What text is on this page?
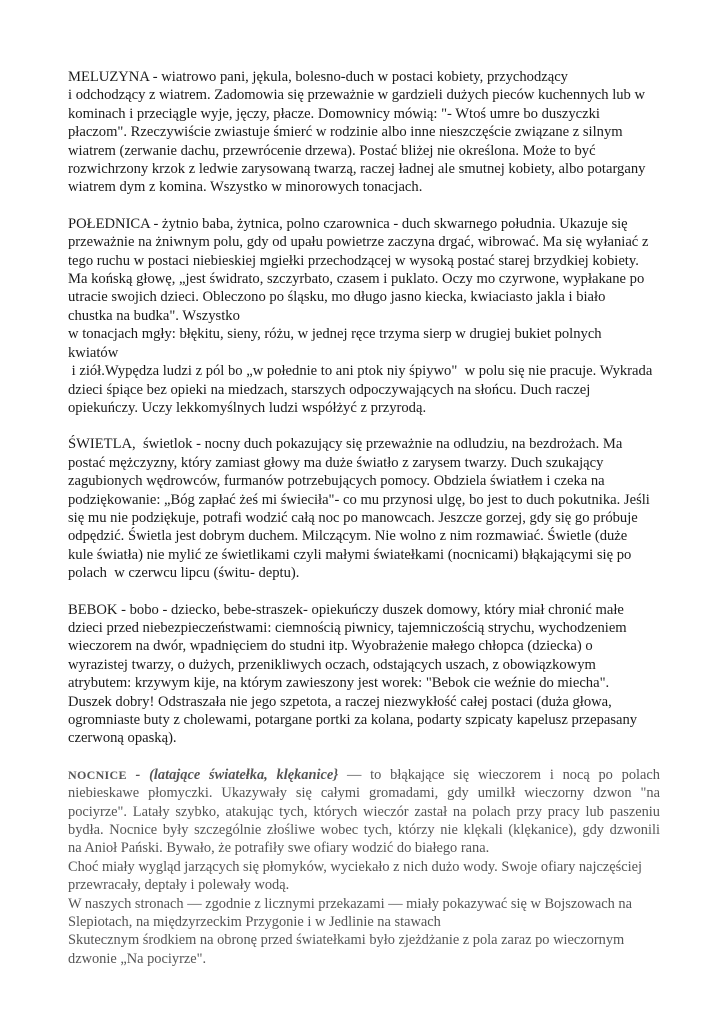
MELUZYNA - wiatrowo pani, jękula, bolesno-duch w postaci kobiety, przychodzący
i odchodzący z wiatrem. Zadomowia się przeważnie w gardzieli dużych pieców kuchennych lub w
kominach i przeciągle wyje, jęczy, płacze. Domownicy mówią: "- Wtoś umre bo duszyczki
płaczom". Rzeczywiście zwiastuje śmierć w rodzinie albo inne nieszczęście związane z silnym
wiatrem (zerwanie dachu, przewrócenie drzewa). Postać bliżej nie określona. Może to być
rozwichrzony krzok z ledwie zarysowaną twarzą, raczej ładnej ale smutnej kobiety, albo potargany
wiatrem dym z komina. Wszystko w minorowych tonacjach.
POŁEDNICA - żytnio baba, żytnica, polno czarownica - duch skwarnego południa. Ukazuje się
przeważnie na żniwnym polu, gdy od upału powietrze zaczyna drgać, wibrować. Ma się wyłaniać z
tego ruchu w postaci niebieskiej mgiełki przechodzącej w wysoką postać starej brzydkiej kobiety.
Ma końską głowę, „jest świdrato, szczyrbato, czasem i puklato. Oczy mo czyrwone, wypłakane po
utracie swojich dzieci. Obleczono po śląsku, mo długo jasno kiecka, kwiaciasto jakla i biało
chustka na budka". Wszystko
w tonacjach mgły: błękitu, sieny, różu, w jednej ręce trzyma sierp w drugiej bukiet polnych
kwiatów
i ziół.Wypędza ludzi z pól bo „w połednie to ani ptok niy śpiywo"  w polu się nie pracuje. Wykrada
dzieci śpiące bez opieki na miedzach, starszych odpoczywających na słońcu. Duch raczej
opiekuńczy. Uczy lekkomyślnych ludzi współżyć z przyrodą.
ŚWIETLA,  świetlok - nocny duch pokazujący się przeważnie na odludziu, na bezdrożach. Ma
postać mężczyzny, który zamiast głowy ma duże światło z zarysem twarzy. Duch szukający
zagubionych wędrowców, furmanów potrzebujących pomocy. Obdziela światłem i czeka na
podziękowanie: „Bóg zapłać żeś mi świeciła"- co mu przynosi ulgę, bo jest to duch pokutnika. Jeśli
się mu nie podziękuje, potrafi wodzić całą noc po manowcach. Jeszcze gorzej, gdy się go próbuje
odpędzić. Świetla jest dobrym duchem. Milczącym. Nie wolno z nim rozmawiać. Świetle (duże
kule światła) nie mylić ze świetlikami czyli małymi światełkami (nocnicami) błąkającymi się po
polach  w czerwcu lipcu (świtu- deptu).
BEBOK - bobo - dziecko, bebe-straszek- opiekuńczy duszek domowy, który miał chronić małe
dzieci przed niebezpieczeństwami: ciemnością piwnicy, tajemniczością strychu, wychodzeniem
wieczorem na dwór, wpadnięciem do studni itp. Wyobrażenie małego chłopca (dziecka) o
wyrazistej twarzy, o dużych, przenikliwych oczach, odstających uszach, z obowiązkowym
atrybutem: krzywym kije, na którym zawieszony jest worek: "Bebok cie weźnie do miecha".
Duszek dobry! Odstraszała nie jego szpetota, a raczej niezwykłość całej postaci (duża głowa,
ogromniaste buty z cholewami, potargane portki za kolana, podarty szpicaty kapelusz przepasany
czerwoną opaską).
NOCNICE - (latające światełka, klękanice} — to błąkające się wieczorem i nocą po polach
niebieskawe płomyczki. Ukazywały się całymi gromadami, gdy umilkł wieczorny dzwon "na
pociyrze". Latały szybko, atakując tych, których wieczór zastał na polach przy pracy lub paszeniu
bydła. Nocnice były szczególnie złośliwe wobec tych, którzy nie klękali (klękanice), gdy dzwonili
na Anioł Pański. Bywało, że potrafiły swe ofiary wodzić do białego rana.
Choć miały wygląd jarzących się płomyków, wyciekało z nich dużo wody. Swoje ofiary najczęściej
przewracały, deptały i polewały wodą.
W naszych stronach — zgodnie z licznymi przekazami — miały pokazywać się w Bojszowach na
Slepiotach, na międzyrzeckim Przygonie i w Jedlinie na stawach
Skutecznym środkiem na obronę przed światełkami było zjeżdżanie z pola zaraz po wieczornym
dzwonie „Na pociyrze".
